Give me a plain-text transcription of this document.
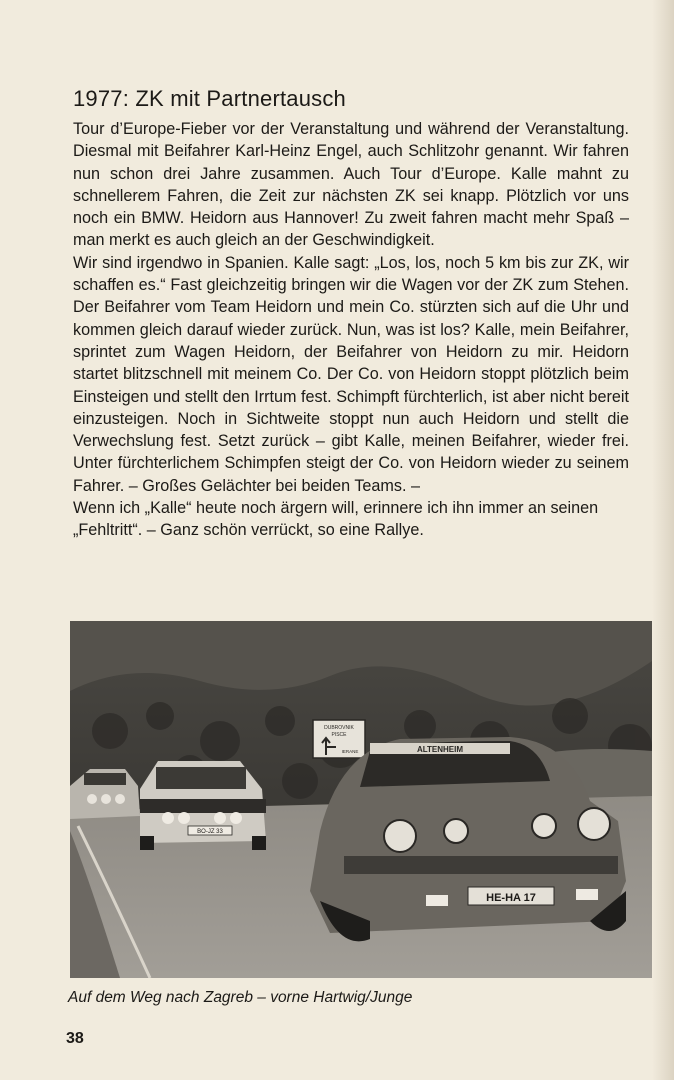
1977: ZK mit Partnertausch

Tour d’Europe-Fieber vor der Veranstaltung und während der Veranstaltung. Diesmal mit Beifahrer Karl-Heinz Engel, auch Schlitzohr genannt. Wir fahren nun schon drei Jahre zusammen. Auch Tour d’Europe. Kalle mahnt zu schnellerem Fahren, die Zeit zur nächsten ZK sei knapp. Plötzlich vor uns noch ein BMW. Heidorn aus Hannover! Zu zweit fahren macht mehr Spaß – man merkt es auch gleich an der Geschwindigkeit.

Wir sind irgendwo in Spanien. Kalle sagt: „Los, los, noch 5 km bis zur ZK, wir schaffen es.“ Fast gleichzeitig bringen wir die Wagen vor der ZK zum Stehen. Der Beifahrer vom Team Heidorn und mein Co. stürzten sich auf die Uhr und kommen gleich darauf wieder zurück. Nun, was ist los? Kalle, mein Beifahrer, sprintet zum Wagen Heidorn, der Beifahrer von Heidorn zu mir. Heidorn startet blitzschnell mit meinem Co. Der Co. von Heidorn stoppt plötzlich beim Einsteigen und stellt den Irrtum fest. Schimpft fürchterlich, ist aber nicht bereit einzusteigen. Noch in Sichtweite stoppt nun auch Heidorn und stellt die Verwechslung fest. Setzt zurück – gibt Kalle, meinen Beifahrer, wieder frei. Unter fürchterlichem Schimpfen steigt der Co. von Heidorn wieder zu seinem Fahrer. – Großes Gelächter bei beiden Teams. –

Wenn ich „Kalle“ heute noch ärgern will, erinnere ich ihn immer an seinen „Fehltritt“. – Ganz schön verrückt, so eine Rallye.

DUBROVNIK
PISCE
IERANE
BO-JZ 33
ALTENHEIM
HE-HA 17
Auf dem Weg nach Zagreb – vorne Hartwig/Junge
38
